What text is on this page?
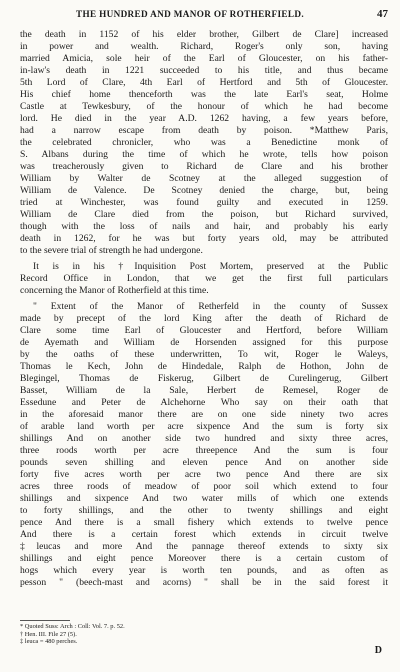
THE HUNDRED AND MANOR OF ROTHERFIELD.	47
the death in 1152 of his elder brother, Gilbert de Clare] increased
in power and wealth. Richard, Roger's only son, having
married Amicia, sole heir of the Earl of Gloucester, on his father-
in-law's death in 1221 succeeded to his title, and thus became
5th Lord of Clare, 4th Earl of Hertford and 5th of Gloucester.
His chief home thenceforth was the late Earl's seat, Holme
Castle at Tewkesbury, of the honour of which he had become
lord. He died in the year A.D. 1262 having, a few years before,
had a narrow escape from death by poison. *Matthew Paris,
the celebrated chronicler, who was a Benedictine monk of
S. Albans during the time of which he wrote, tells how poison
was treacherously given to Richard de Clare and his brother
William by Walter de Scotney at the alleged suggestion of
William de Valence. De Scotney denied the charge, but, being
tried at Winchester, was found guilty and executed in 1259.
William de Clare died from the poison, but Richard survived,
though with the loss of nails and hair, and probably his early
death in 1262, for he was but forty years old, may be attributed
to the severe trial of strength he had undergone.
It is in his †Inquisition Post Mortem, preserved at the Public
Record Office in London, that we get the first full particulars
concerning the Manor of Rotherfield at this time.
" Extent of the Manor of Retherfeld in the county of Sussex
made by precept of the lord King after the death of Richard de
Clare some time Earl of Gloucester and Hertford, before William
de Ayemath and William de Horsenden assigned for this purpose
by the oaths of these underwritten, To wit, Roger le Waleys,
Thomas le Kech, John de Hindedale, Ralph de Hothon, John de
Blegingel, Thomas de Fiskerug, Gilbert de Curelingerug, Gilbert
Basset, William de la Sale, Herbert de Remesel, Roger de
Essedune and Peter de Alchehorne Who say on their oath that
in the aforesaid manor there are on one side ninety two acres
of arable land worth per acre sixpence And the sum is forty six
shillings And on another side two hundred and sixty three acres,
three roods worth per acre threepence And the sum is four
pounds seven shilling and eleven pence And on another side
forty five acres worth per acre two pence And there are six
acres three roods of meadow of poor soil which extend to four
shillings and sixpence And two water mills of which one extends
to forty shillings, and the other to twenty shillings and eight
pence And there is a small fishery which extends to twelve pence
And there is a certain forest which extends in circuit twelve
‡leucas and more And the pannage thereof extends to sixty six
shillings and eight pence Moreover there is a certain custom of
hogs which every year is worth ten pounds, and as often as
pesson " (beech-mast and acorns) " shall be in the said forest it
* Quoted Suss: Arch : Coll: Vol. 7. p. 52.
† Hen. III. File 27 (5).
‡ leuca = 480 perches.
D
